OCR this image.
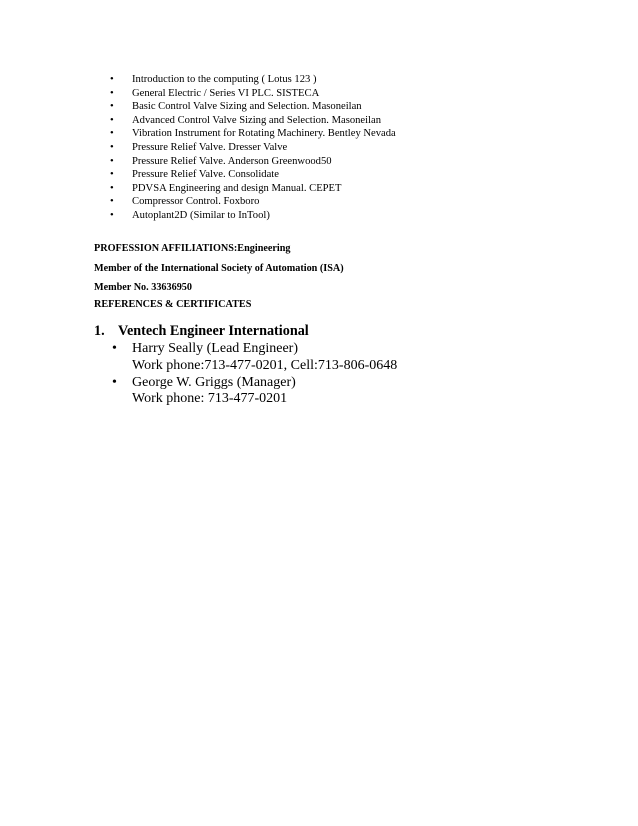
• Introduction to the computing ( Lotus 123 )
• General Electric / Series VI PLC. SISTECA
• Basic Control Valve Sizing and Selection. Masoneilan
• Advanced Control Valve Sizing and Selection. Masoneilan
• Vibration Instrument for Rotating Machinery. Bentley Nevada
• Pressure Relief Valve. Dresser Valve
• Pressure Relief Valve. Anderson Greenwood50
• Pressure Relief Valve. Consolidate
• PDVSA Engineering and design Manual. CEPET
• Compressor Control. Foxboro
• Autoplant2D (Similar to InTool)
PROFESSION AFFILIATIONS:Engineering
Member of the International Society of Automation (ISA)
Member No. 33636950
REFERENCES & CERTIFICATES
1. Ventech Engineer International
• Harry Seally (Lead Engineer)
Work phone:713-477-0201, Cell:713-806-0648
• George W. Griggs (Manager)
Work phone: 713-477-0201
